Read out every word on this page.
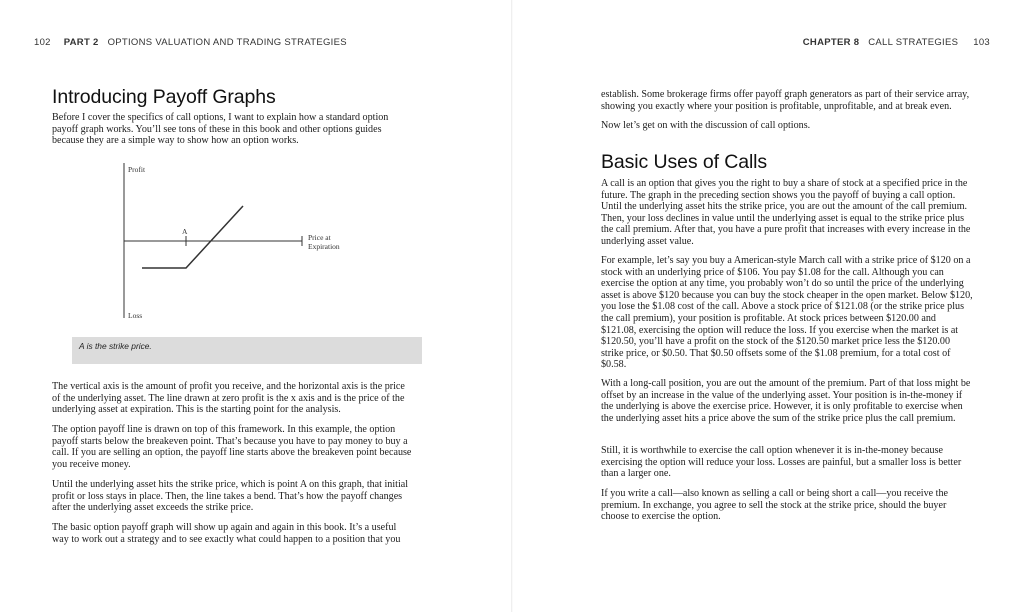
102 PART 2 OPTIONS VALUATION AND TRADING STRATEGIES	CHAPTER 8 CALL STRATEGIES 103
Introducing Payoff Graphs

Before I cover the specifics of call options, I want to explain how a standard option payoff graph works. You’ll see tons of these in this book and other options guides because they are a simple way to show how an option works.

Profit
A
Price at
Expiration
Loss
A is the strike price.

The vertical axis is the amount of profit you receive, and the horizontal axis is the price of the underlying asset. The line drawn at zero profit is the x axis and is the price of the underlying asset at expiration. This is the starting point for the analysis.

The option payoff line is drawn on top of this framework. In this example, the option payoff starts below the breakeven point. That’s because you have to pay money to buy a call. If you are selling an option, the payoff line starts above the breakeven point because you receive money.

Until the underlying asset hits the strike price, which is point A on this graph, that initial profit or loss stays in place. Then, the line takes a bend. That’s how the payoff changes after the underlying asset exceeds the strike price.

The basic option payoff graph will show up again and again in this book. It’s a useful way to work out a strategy and to see exactly what could happen to a position that you

establish. Some brokerage firms offer payoff graph generators as part of their service array, showing you exactly where your position is profitable, unprofitable, and at break even.

Now let’s get on with the discussion of call options.

Basic Uses of Calls

A call is an option that gives you the right to buy a share of stock at a specified price in the future. The graph in the preceding section shows you the payoff of buying a call option. Until the underlying asset hits the strike price, you are out the amount of the call premium. Then, your loss declines in value until the underlying asset is equal to the strike price plus the call premium. After that, you have a pure profit that increases with every increase in the underlying asset value.

For example, let’s say you buy a American-style March call with a strike price of $120 on a stock with an underlying price of $106. You pay $1.08 for the call. Although you can exercise the option at any time, you probably won’t do so until the price of the underlying asset is above $120 because you can buy the stock cheaper in the open market. Below $120, you lose the $1.08 cost of the call. Above a stock price of $121.08 (or the strike price plus the call premium), your position is profitable. At stock prices between $120.00 and $121.08, exercising the option will reduce the loss. If you exercise when the market is at $120.50, you’ll have a profit on the stock of the $120.50 market price less the $120.00 strike price, or $0.50. That $0.50 offsets some of the $1.08 premium, for a total cost of $0.58.

With a long-call position, you are out the amount of the premium. Part of that loss might be offset by an increase in the value of the underlying asset. Your position is in-the-money if the underlying is above the exercise price. However, it is only profitable to exercise when the underlying asset hits a price above the sum of the strike price plus the call premium.

Still, it is worthwhile to exercise the call option whenever it is in-the-money because exercising the option will reduce your loss. Losses are painful, but a smaller loss is better than a larger one.

If you write a call—also known as selling a call or being short a call—you receive the premium. In exchange, you agree to sell the stock at the strike price, should the buyer choose to exercise the option.
